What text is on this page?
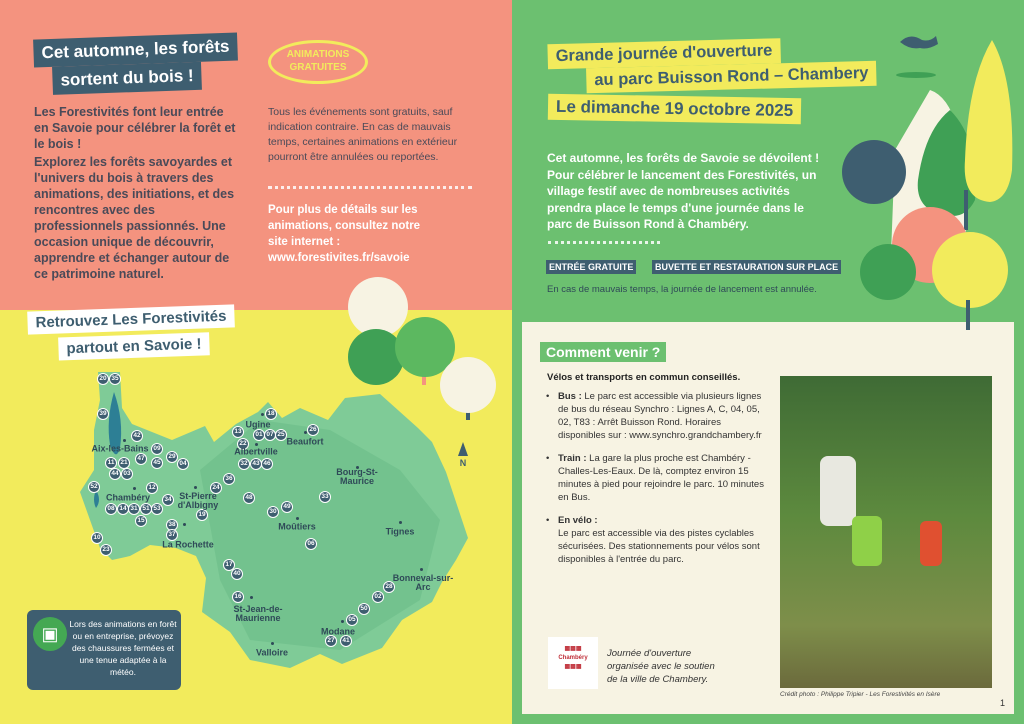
Cet automne, les forêts
sortent du bois !
Les Forestivités font leur entrée en Savoie pour célébrer la forêt et le bois !
Explorez les forêts savoyardes et l'univers du bois à travers des animations, des initiations, et des rencontres avec des professionnels passionnés. Une occasion unique de découvrir, apprendre et échanger autour de ce patrimoine naturel.
ANIMATIONS
GRATUITES
Tous les événements sont gratuits, sauf indication contraire. En cas de mauvais temps, certaines animations en extérieur pourront être annulées ou reportées.
Pour plus de détails sur les animations, consultez notre site internet :
www.forestivites.fr/savoie
Retrouvez Les Forestivités
partout en Savoie !
N
20 35
39
42
09
29
47
45	04
11 21
44 03
52	12
34
08 14 31 51 53
15
38
37
19
24
36
13
22
18
01 07 25
32 43 46
26
48
30
49
33
06
10
23
17
40
16
28
02
50
05
27	41
Aix-les-Bains
Chambéry	St-Pierre d'Albigny
La Rochette
Ugine
Albertville
Beaufort
Bourg-St-Maurice
Moûtiers	Tignes
Bonneval-sur-Arc
St-Jean-de-Maurienne
Modane
Valloire
▣	Lors des animations en forêt ou en entreprise, prévoyez des chaussures fermées et une tenue adaptée à la météo.
Grande journée d'ouverture
au parc Buisson Rond – Chambery
Le dimanche 19 octobre 2025
Cet automne, les forêts de Savoie se dévoilent ! Pour célébrer le lancement des Forestivités, un village festif avec de nombreuses activités prendra place le temps d'une journée dans le parc de Buisson Rond à Chambéry.
ENTRÉE GRATUITE	BUVETTE ET RESTAURATION SUR PLACE
En cas de mauvais temps, la journée de lancement est annulée.
Comment venir ?
Vélos et transports en commun conseillés.
• Bus : Le parc est accessible via plusieurs lignes de bus du réseau Synchro : Lignes A, C, 04, 05, 02, T83 : Arrêt Buisson Rond. Horaires disponibles sur : www.synchro.grandchambery.fr
• Train : La gare la plus proche est Chambéry - Challes-Les-Eaux. De là, comptez environ 15 minutes à pied pour rejoindre le parc. 10 minutes en Bus.
• En vélo :
Le parc est accessible via des pistes cyclables sécurisées. Des stationnements pour vélos sont disponibles à l'entrée du parc.
▦▦▦
Chambéry
▦▦▦
Journée d'ouverture organisée avec le soutien de la ville de Chambery.
Crédit photo : Philippe Tripier - Les Forestivités en Isère
1
